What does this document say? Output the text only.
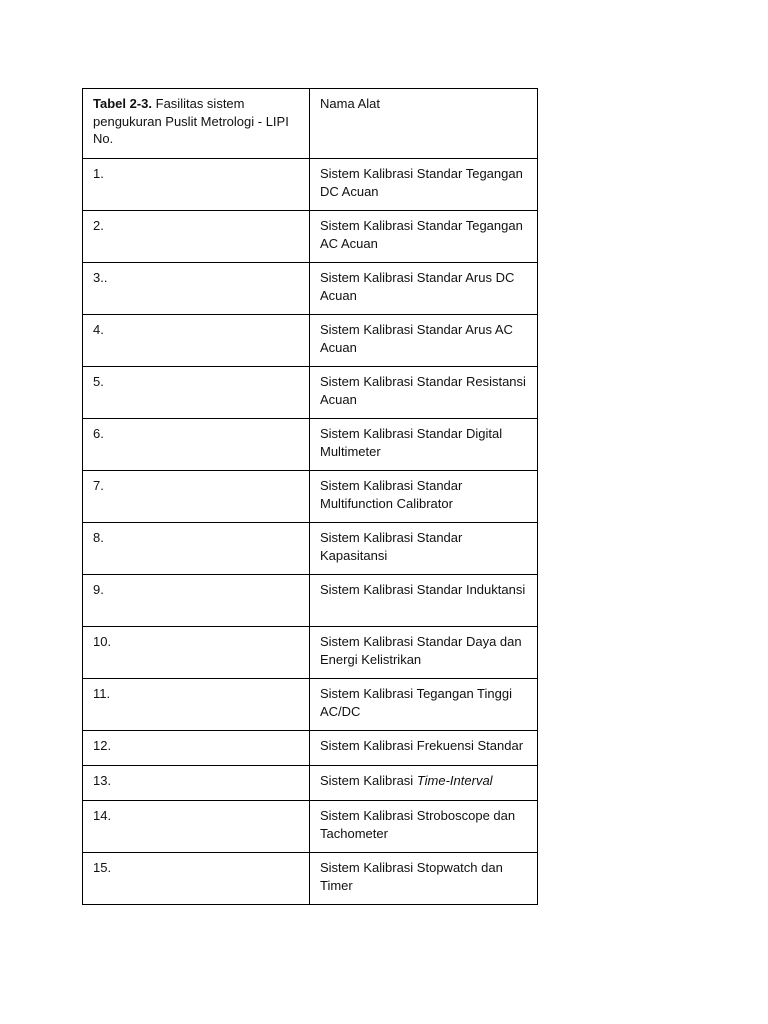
Tabel 2-3. Fasilitas sistem pengukuran Puslit Metrologi - LIPI No.	Nama Alat
1.	Sistem Kalibrasi Standar Tegangan DC Acuan
2.	Sistem Kalibrasi Standar Tegangan AC Acuan
3..	Sistem Kalibrasi Standar Arus DC Acuan
4.	Sistem Kalibrasi Standar Arus AC Acuan
5.	Sistem Kalibrasi Standar Resistansi Acuan
6.	Sistem Kalibrasi Standar Digital Multimeter
7.	Sistem Kalibrasi Standar Multifunction Calibrator
8.	Sistem Kalibrasi Standar Kapasitansi
9.	Sistem Kalibrasi Standar Induktansi
10.	Sistem Kalibrasi Standar Daya dan Energi Kelistrikan
11.	Sistem Kalibrasi Tegangan Tinggi AC/DC
12.	Sistem Kalibrasi Frekuensi Standar
13.	Sistem Kalibrasi Time-Interval
14.	Sistem Kalibrasi Stroboscope dan Tachometer
15.	Sistem Kalibrasi Stopwatch dan Timer
